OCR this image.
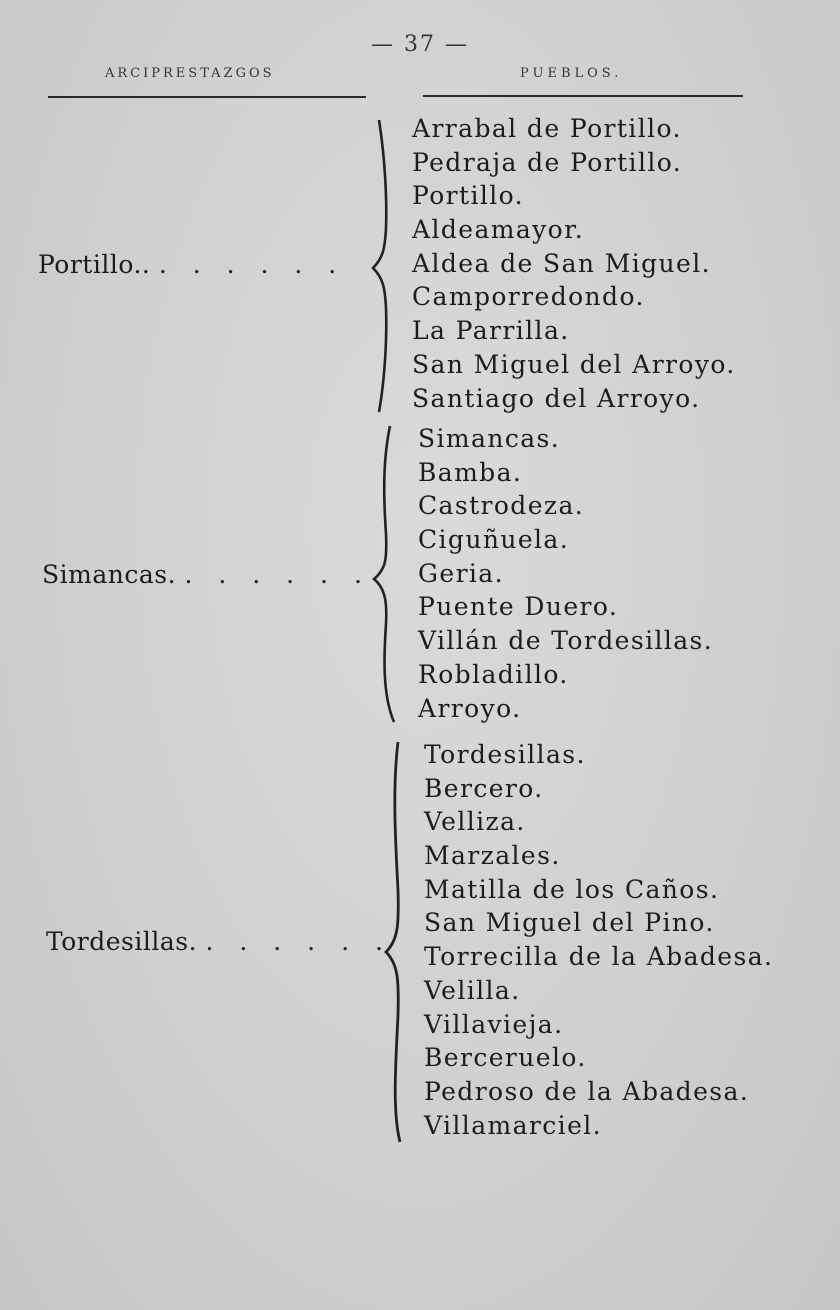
— 37 —
ARCIPRESTAZGOS	PUEBLOS.
Portillo.. . . . . . .
Arrabal de Portillo.
Pedraja de Portillo.
Portillo.
Aldeamayor.
Aldea de San Miguel.
Camporredondo.
La Parrilla.
San Miguel del Arroyo.
Santiago del Arroyo.
Simancas. . . . . . .
Simancas.
Bamba.
Castrodeza.
Ciguñuela.
Geria.
Puente Duero.
Villán de Tordesillas.
Robladillo.
Arroyo.
Tordesillas. . . . . . .
Tordesillas.
Bercero.
Velliza.
Marzales.
Matilla de los Caños.
San Miguel del Pino.
Torrecilla de la Abadesa.
Velilla.
Villavieja.
Berceruelo.
Pedroso de la Abadesa.
Villamarciel.
